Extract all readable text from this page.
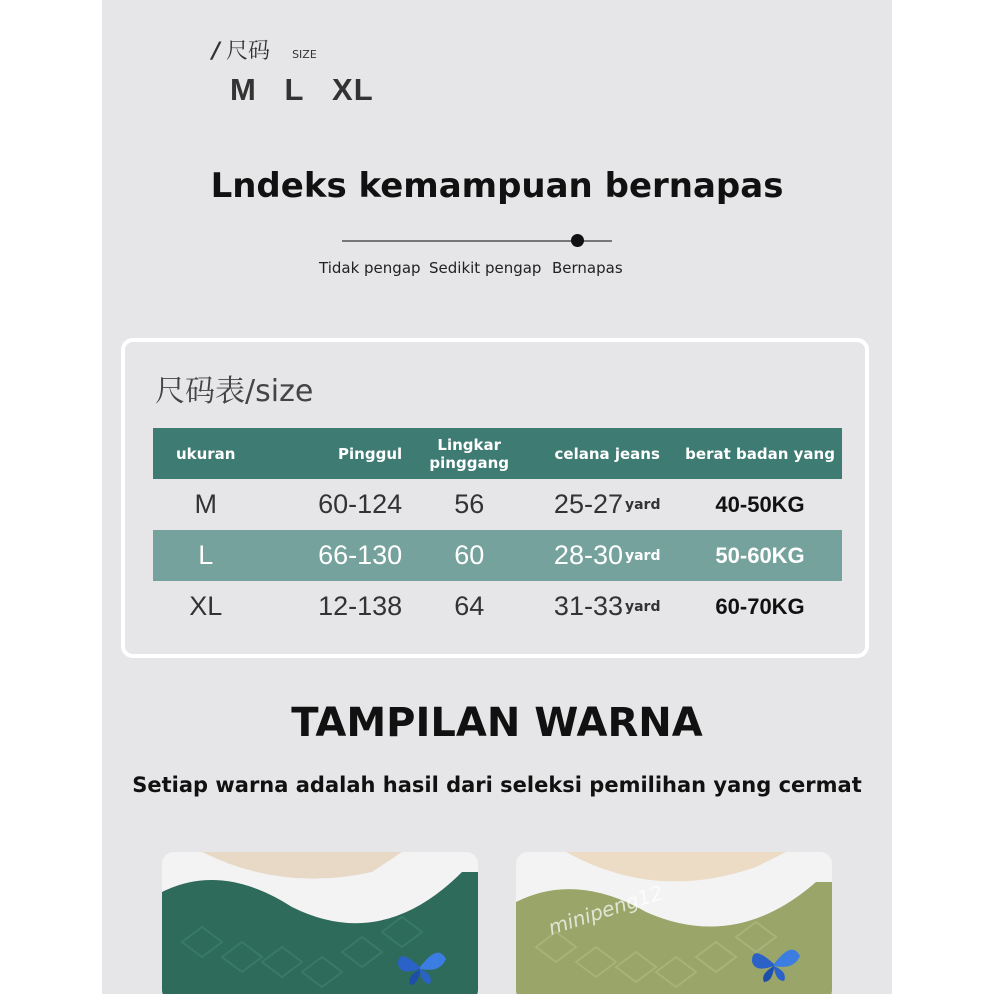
/ 尺码 SIZE
M L XL
Lndeks kemampuan bernapas
Tidak pengap Sedikit pengap Bernapas
尺码表/size
ukuran	Pinggul	Lingkar pinggang	celana jeans	berat badan yang
M	60-124	56	25-27 yard	40-50KG
L	66-130	60	28-30 yard	50-60KG
XL	12-138	64	31-33 yard	60-70KG
TAMPILAN WARNA
Setiap warna adalah hasil dari seleksi pemilihan yang cermat
minipeng12
